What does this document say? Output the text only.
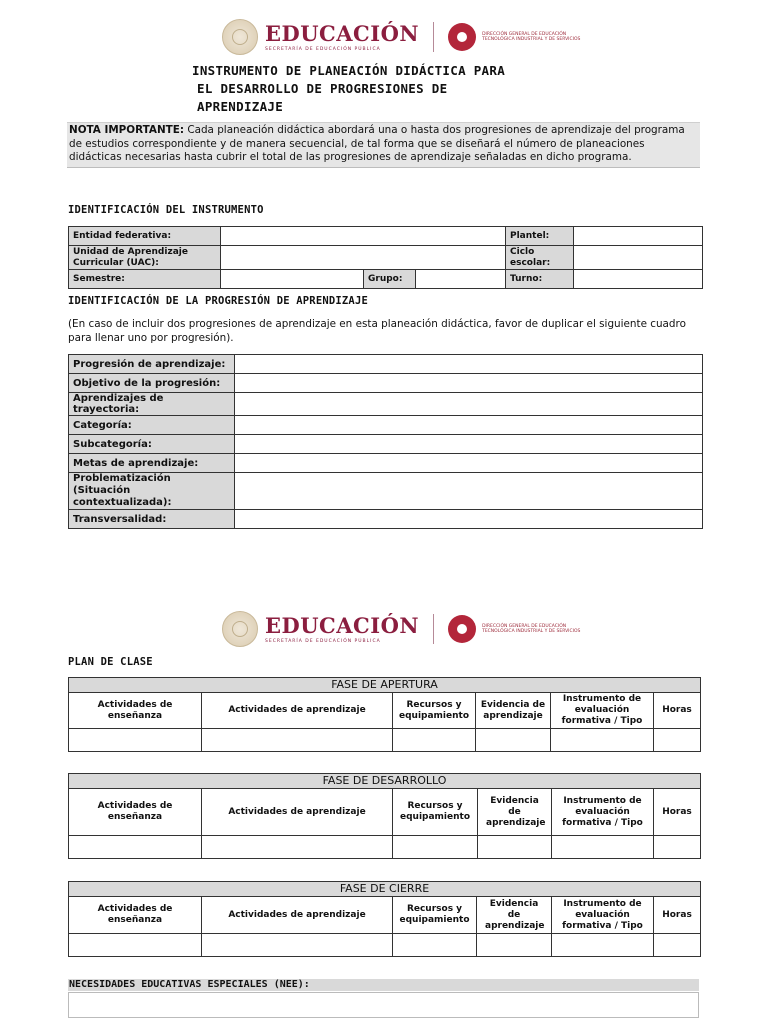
EDUCACIÓN
SECRETARÍA DE EDUCACIÓN PÚBLICA
DIRECCIÓN GENERAL DE EDUCACIÓN TECNOLÓGICA INDUSTRIAL Y DE SERVICIOS
INSTRUMENTO DE PLANEACIÓN DIDÁCTICA PARA
EL DESARROLLO DE PROGRESIONES DE
APRENDIZAJE
NOTA IMPORTANTE: Cada planeación didáctica abordará una o hasta dos progresiones de aprendizaje del programa de estudios correspondiente y de manera secuencial, de tal forma que se diseñará el número de planeaciones didácticas necesarias hasta cubrir el total de las progresiones de aprendizaje señaladas en dicho programa.
IDENTIFICACIÓN DEL INSTRUMENTO
Entidad federativa:				Plantel:	
Unidad de Aprendizaje Curricular (UAC):				Ciclo escolar:	
Semestre:		Grupo:		Turno:	
IDENTIFICACIÓN DE LA PROGRESIÓN DE APRENDIZAJE
(En caso de incluir dos progresiones de aprendizaje en esta planeación didáctica, favor de duplicar el siguiente cuadro para llenar uno por progresión).
Progresión de aprendizaje:	
Objetivo de la progresión:	
Aprendizajes de trayectoria:	
Categoría:	
Subcategoría:	
Metas de aprendizaje:	
Problematización (Situación contextualizada):	
Transversalidad:	
EDUCACIÓN
SECRETARÍA DE EDUCACIÓN PÚBLICA
DIRECCIÓN GENERAL DE EDUCACIÓN TECNOLÓGICA INDUSTRIAL Y DE SERVICIOS
PLAN DE CLASE
FASE DE APERTURA					
Actividades de enseñanza	Actividades de aprendizaje	Recursos y equipamiento	Evidencia de aprendizaje	Instrumento de evaluación formativa / Tipo	Horas

FASE DE DESARROLLO					
Actividades de enseñanza	Actividades de aprendizaje	Recursos y equipamiento	Evidencia de aprendizaje	Instrumento de evaluación formativa / Tipo	Horas

FASE DE CIERRE					
Actividades de enseñanza	Actividades de aprendizaje	Recursos y equipamiento	Evidencia de aprendizaje	Instrumento de evaluación formativa / Tipo	Horas

NECESIDADES EDUCATIVAS ESPECIALES (NEE):
